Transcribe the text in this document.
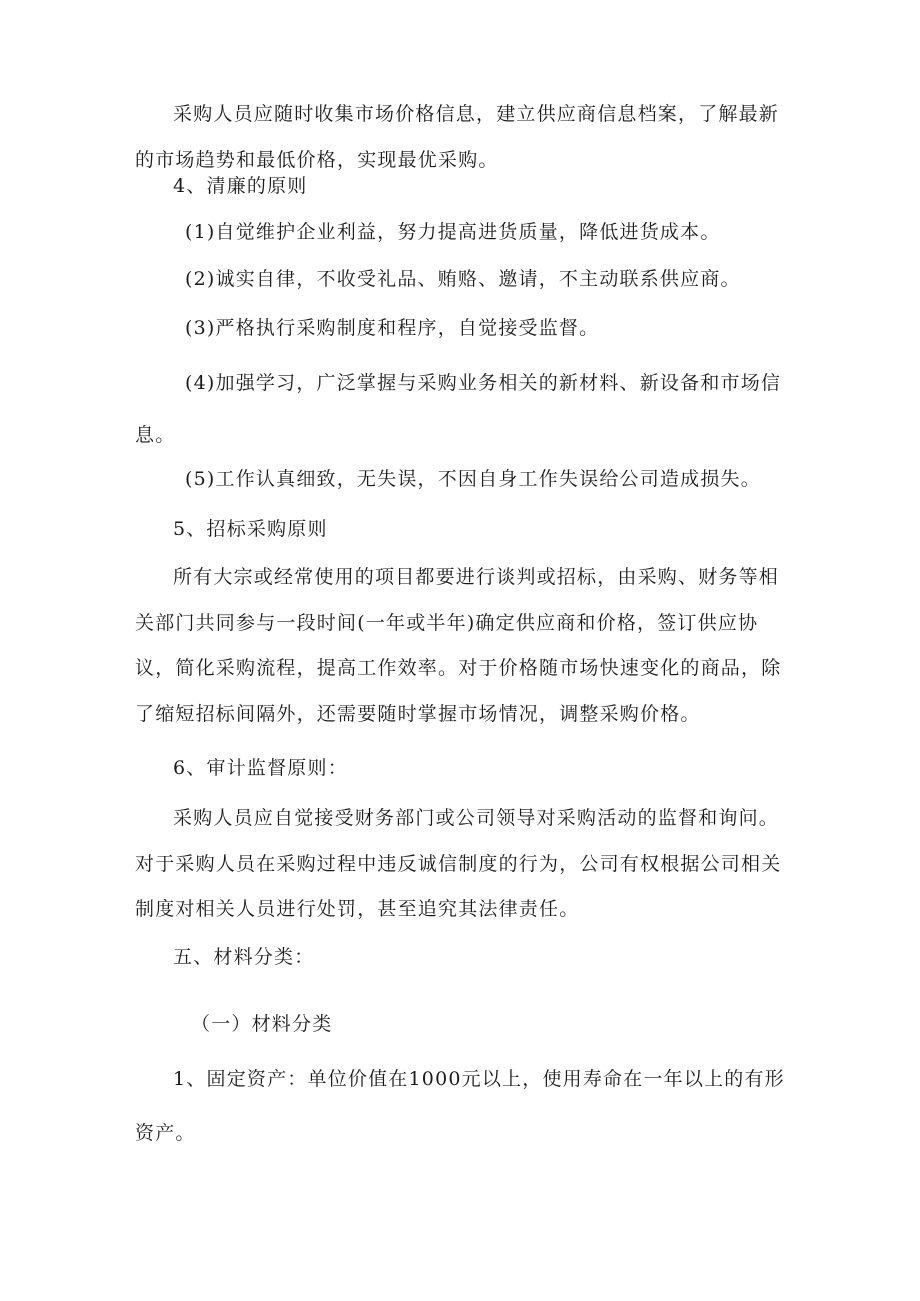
采购人员应随时收集市场价格信息，建立供应商信息档案，了解最新的市场趋势和最低价格，实现最优采购。

4、清廉的原则

(1)自觉维护企业利益，努力提高进货质量，降低进货成本。

(2)诚实自律，不收受礼品、贿赂、邀请，不主动联系供应商。

(3)严格执行采购制度和程序，自觉接受监督。

(4)加强学习，广泛掌握与采购业务相关的新材料、新设备和市场信息。

(5)工作认真细致，无失误，不因自身工作失误给公司造成损失。

5、招标采购原则

所有大宗或经常使用的项目都要进行谈判或招标，由采购、财务等相关部门共同参与一段时间(一年或半年)确定供应商和价格，签订供应协议，简化采购流程，提高工作效率。对于价格随市场快速变化的商品，除了缩短招标间隔外，还需要随时掌握市场情况，调整采购价格。

6、审计监督原则：

采购人员应自觉接受财务部门或公司领导对采购活动的监督和询问。对于采购人员在采购过程中违反诚信制度的行为，公司有权根据公司相关制度对相关人员进行处罚，甚至追究其法律责任。

五、材料分类：

（一）材料分类

1、固定资产：单位价值在1000元以上，使用寿命在一年以上的有形资产。
